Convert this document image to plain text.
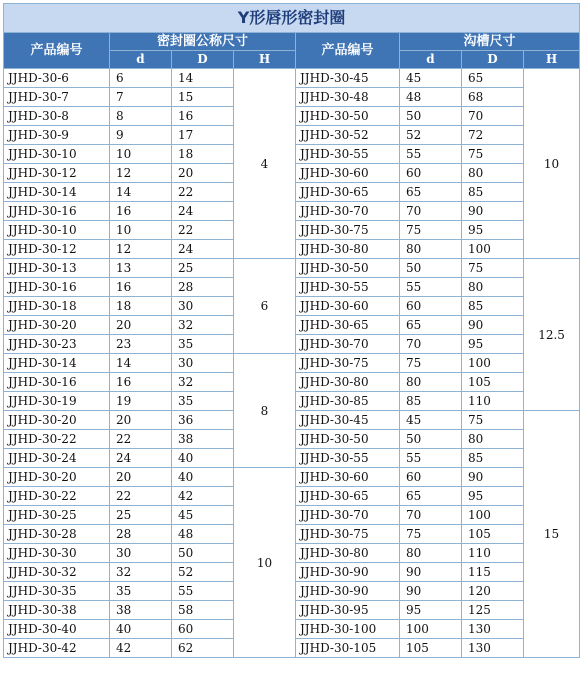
Y形唇形密封圈							
产品编号	密封圈公称尺寸			产品编号	沟槽尺寸		
	d	D	H		d	D	H
JJHD-30-6	6	14	4	JJHD-30-45	45	65	10
JJHD-30-7	7	15		JJHD-30-48	48	68	
JJHD-30-8	8	16		JJHD-30-50	50	70	
JJHD-30-9	9	17		JJHD-30-52	52	72	
JJHD-30-10	10	18		JJHD-30-55	55	75	
JJHD-30-12	12	20		JJHD-30-60	60	80	
JJHD-30-14	14	22		JJHD-30-65	65	85	
JJHD-30-16	16	24		JJHD-30-70	70	90	
JJHD-30-10	10	22		JJHD-30-75	75	95	
JJHD-30-12	12	24		JJHD-30-80	80	100	
JJHD-30-13	13	25	6	JJHD-30-50	50	75	12.5
JJHD-30-16	16	28		JJHD-30-55	55	80	
JJHD-30-18	18	30		JJHD-30-60	60	85	
JJHD-30-20	20	32		JJHD-30-65	65	90	
JJHD-30-23	23	35		JJHD-30-70	70	95	
JJHD-30-14	14	30	8	JJHD-30-75	75	100	
JJHD-30-16	16	32		JJHD-30-80	80	105	
JJHD-30-19	19	35		JJHD-30-85	85	110	
JJHD-30-20	20	36		JJHD-30-45	45	75	15
JJHD-30-22	22	38		JJHD-30-50	50	80	
JJHD-30-24	24	40		JJHD-30-55	55	85	
JJHD-30-20	20	40	10	JJHD-30-60	60	90	
JJHD-30-22	22	42		JJHD-30-65	65	95	
JJHD-30-25	25	45		JJHD-30-70	70	100	
JJHD-30-28	28	48		JJHD-30-75	75	105	
JJHD-30-30	30	50		JJHD-30-80	80	110	
JJHD-30-32	32	52		JJHD-30-90	90	115	
JJHD-30-35	35	55		JJHD-30-90	90	120	
JJHD-30-38	38	58		JJHD-30-95	95	125	
JJHD-30-40	40	60		JJHD-30-100	100	130	
JJHD-30-42	42	62		JJHD-30-105	105	130	
